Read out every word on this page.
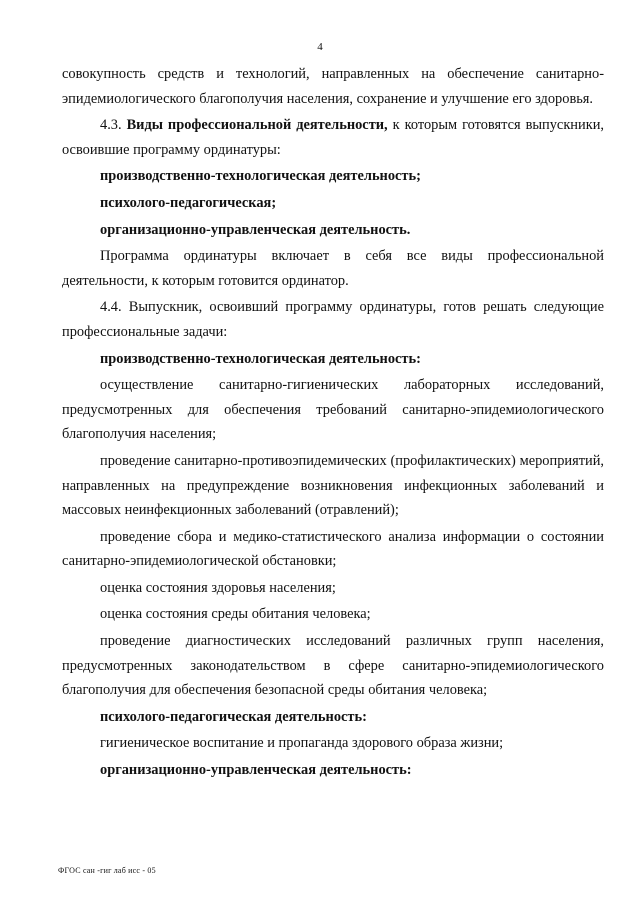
4

совокупность средств и технологий, направленных на обеспечение санитарно-эпидемиологического благополучия населения, сохранение и улучшение его здоровья.

4.3. Виды профессиональной деятельности, к которым готовятся выпускники, освоившие программу ординатуры:

производственно-технологическая деятельность;

психолого-педагогическая;

организационно-управленческая деятельность.

Программа ординатуры включает в себя все виды профессиональной деятельности, к которым готовится ординатор.

4.4. Выпускник, освоивший программу ординатуры, готов решать следующие профессиональные задачи:

производственно-технологическая деятельность:

осуществление санитарно-гигиенических лабораторных исследований, предусмотренных для обеспечения требований санитарно-эпидемиологического благополучия населения;

проведение санитарно-противоэпидемических (профилактических) мероприятий, направленных на предупреждение возникновения инфекционных заболеваний и массовых неинфекционных заболеваний (отравлений);

проведение сбора и медико-статистического анализа информации о состоянии санитарно-эпидемиологической обстановки;

оценка состояния здоровья населения;

оценка состояния среды обитания человека;

проведение диагностических исследований различных групп населения, предусмотренных законодательством в сфере санитарно-эпидемиологического благополучия для обеспечения безопасной среды обитания человека;

психолого-педагогическая деятельность:

гигиеническое воспитание и пропаганда здорового образа жизни;

организационно-управленческая деятельность:

ФГОС сан -гиг лаб исс - 05
